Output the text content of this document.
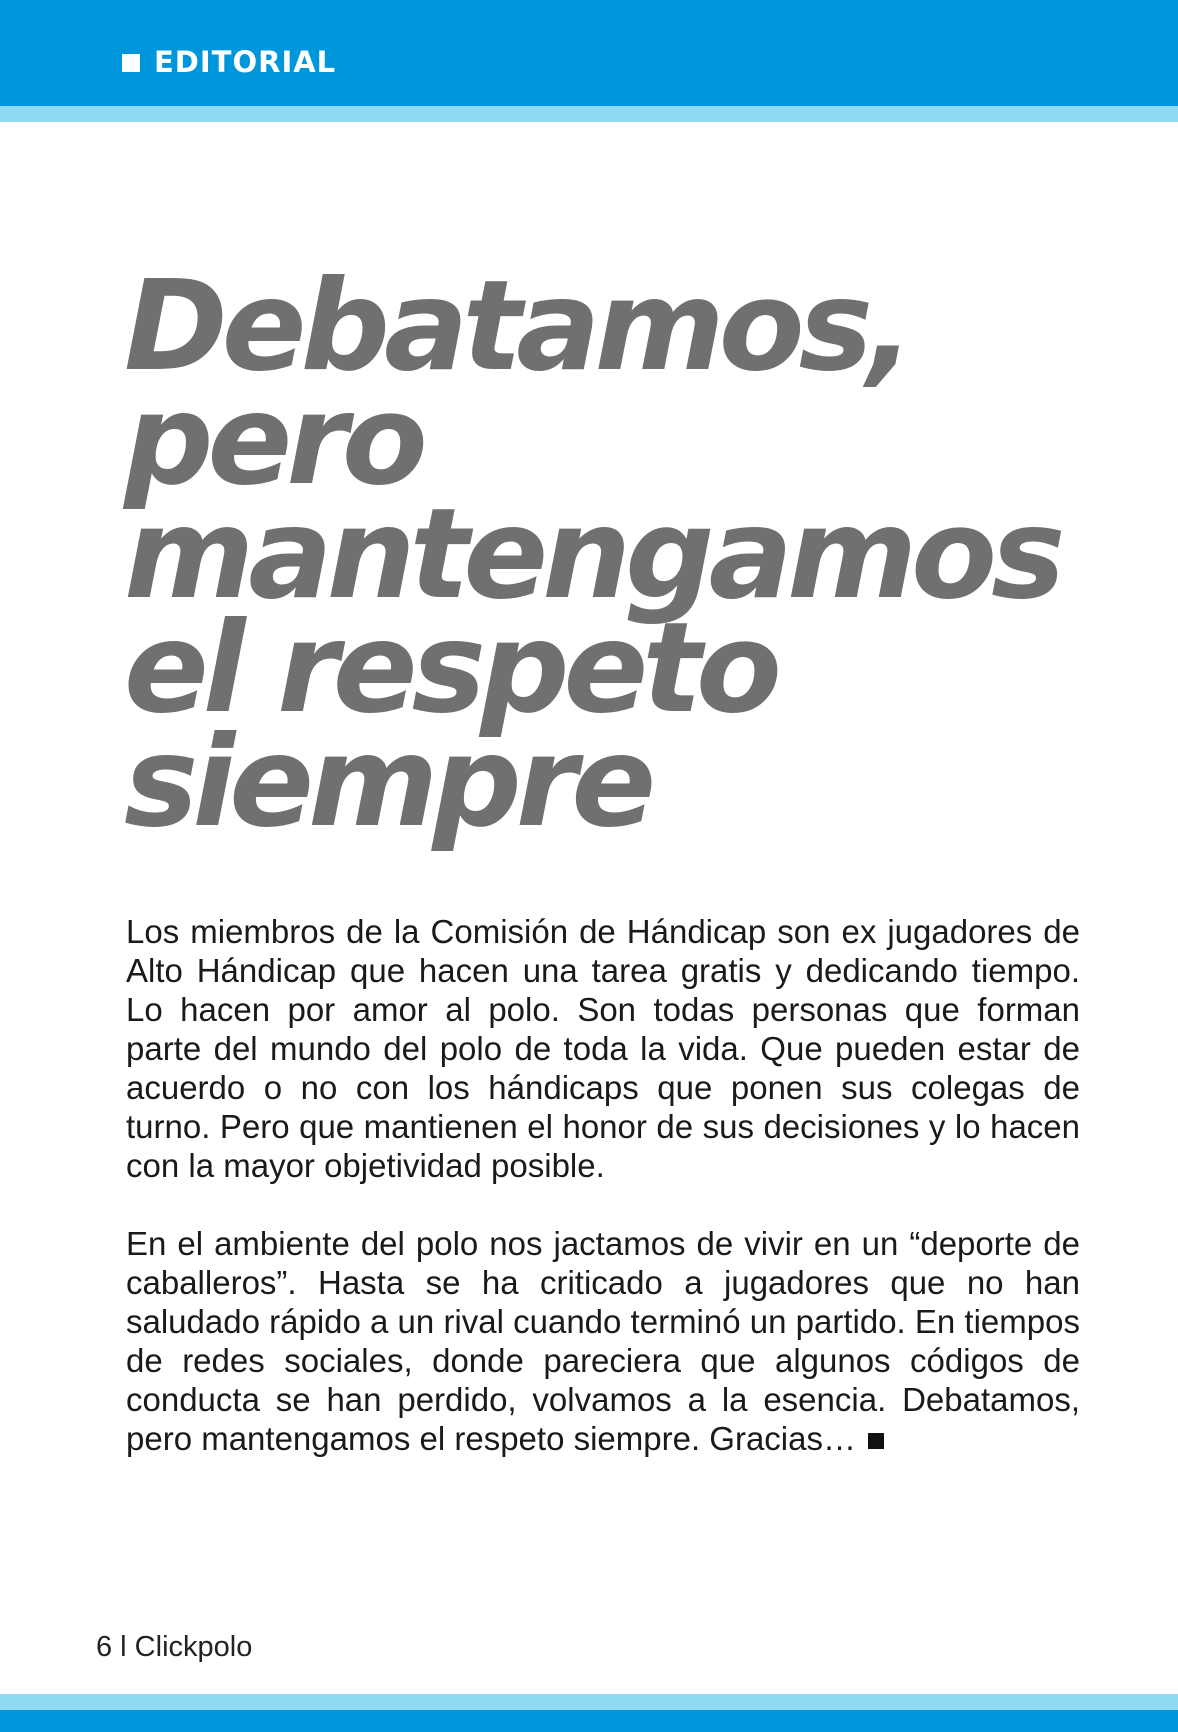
EDITORIAL
Debatamos,
pero
mantengamos
el respeto
siempre

Los miembros de la Comisión de Hándicap son ex jugadores de Alto Hándicap que hacen una tarea gratis y dedicando tiempo. Lo hacen por amor al polo. Son todas personas que forman parte del mundo del polo de toda la vida. Que pueden estar de acuerdo o no con los hándicaps que ponen sus colegas de turno. Pero que mantienen el honor de sus decisiones y lo hacen con la mayor objetividad posible.

En el ambiente del polo nos jactamos de vivir en un “deporte de caballeros”. Hasta se ha criticado a jugadores que no han saludado rápido a un rival cuando terminó un partido. En tiempos de redes sociales, donde pareciera que algunos códigos de conducta se han perdido, volvamos a la esencia. Debatamos, pero mantengamos el respeto siempre. Gracias…

6 l Clickpolo
